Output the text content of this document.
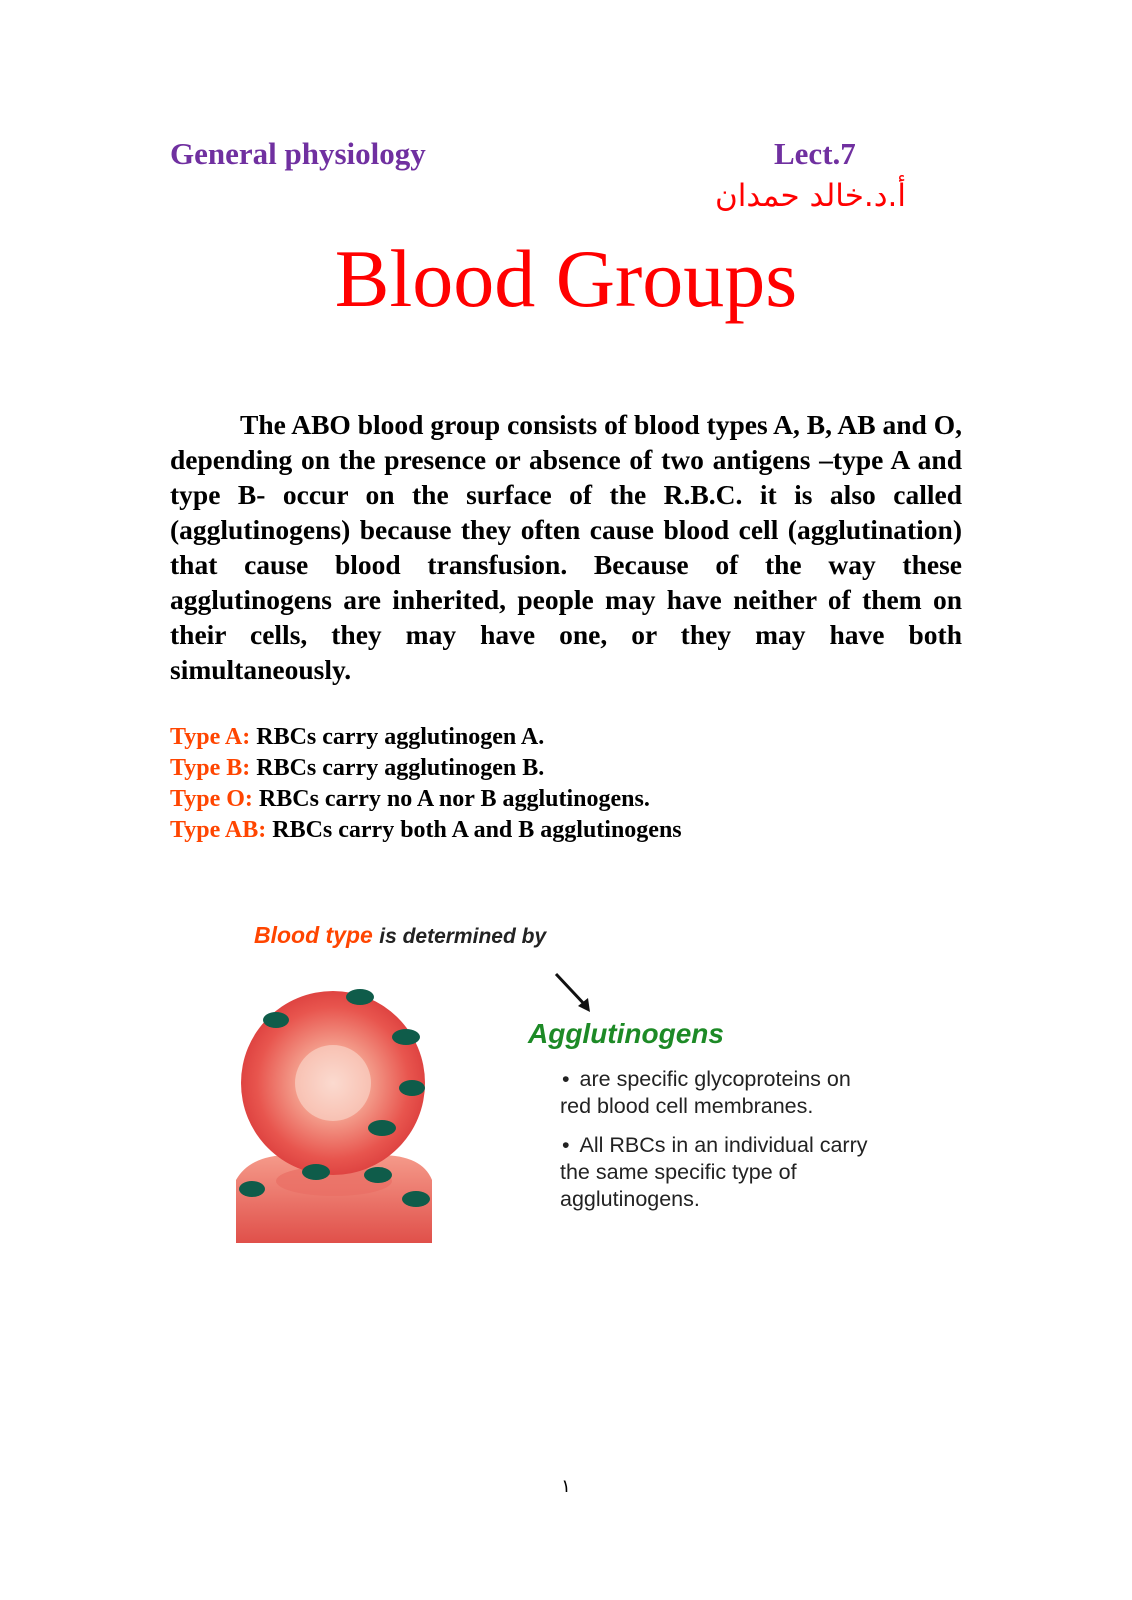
General physiology	Lect.7
أ.د.خالد حمدان
Blood Groups

The ABO blood group consists of blood types A, B, AB and O, depending on the presence or absence of two antigens –type A and type B- occur on the surface of the R.B.C. it is also called (agglutinogens) because they often cause blood cell (agglutination) that cause blood transfusion. Because of the way these agglutinogens are inherited, people may have neither of them on their cells, they may have one, or they may have both simultaneously.

Type A: RBCs carry agglutinogen A.
Type B: RBCs carry agglutinogen B.
Type O: RBCs carry no A nor B agglutinogens.
Type AB: RBCs carry both A and B agglutinogens
Blood type is determined by
Agglutinogens
• are specific glycoproteins on red blood cell membranes.
• All RBCs in an individual carry the same specific type of agglutinogens.
١
